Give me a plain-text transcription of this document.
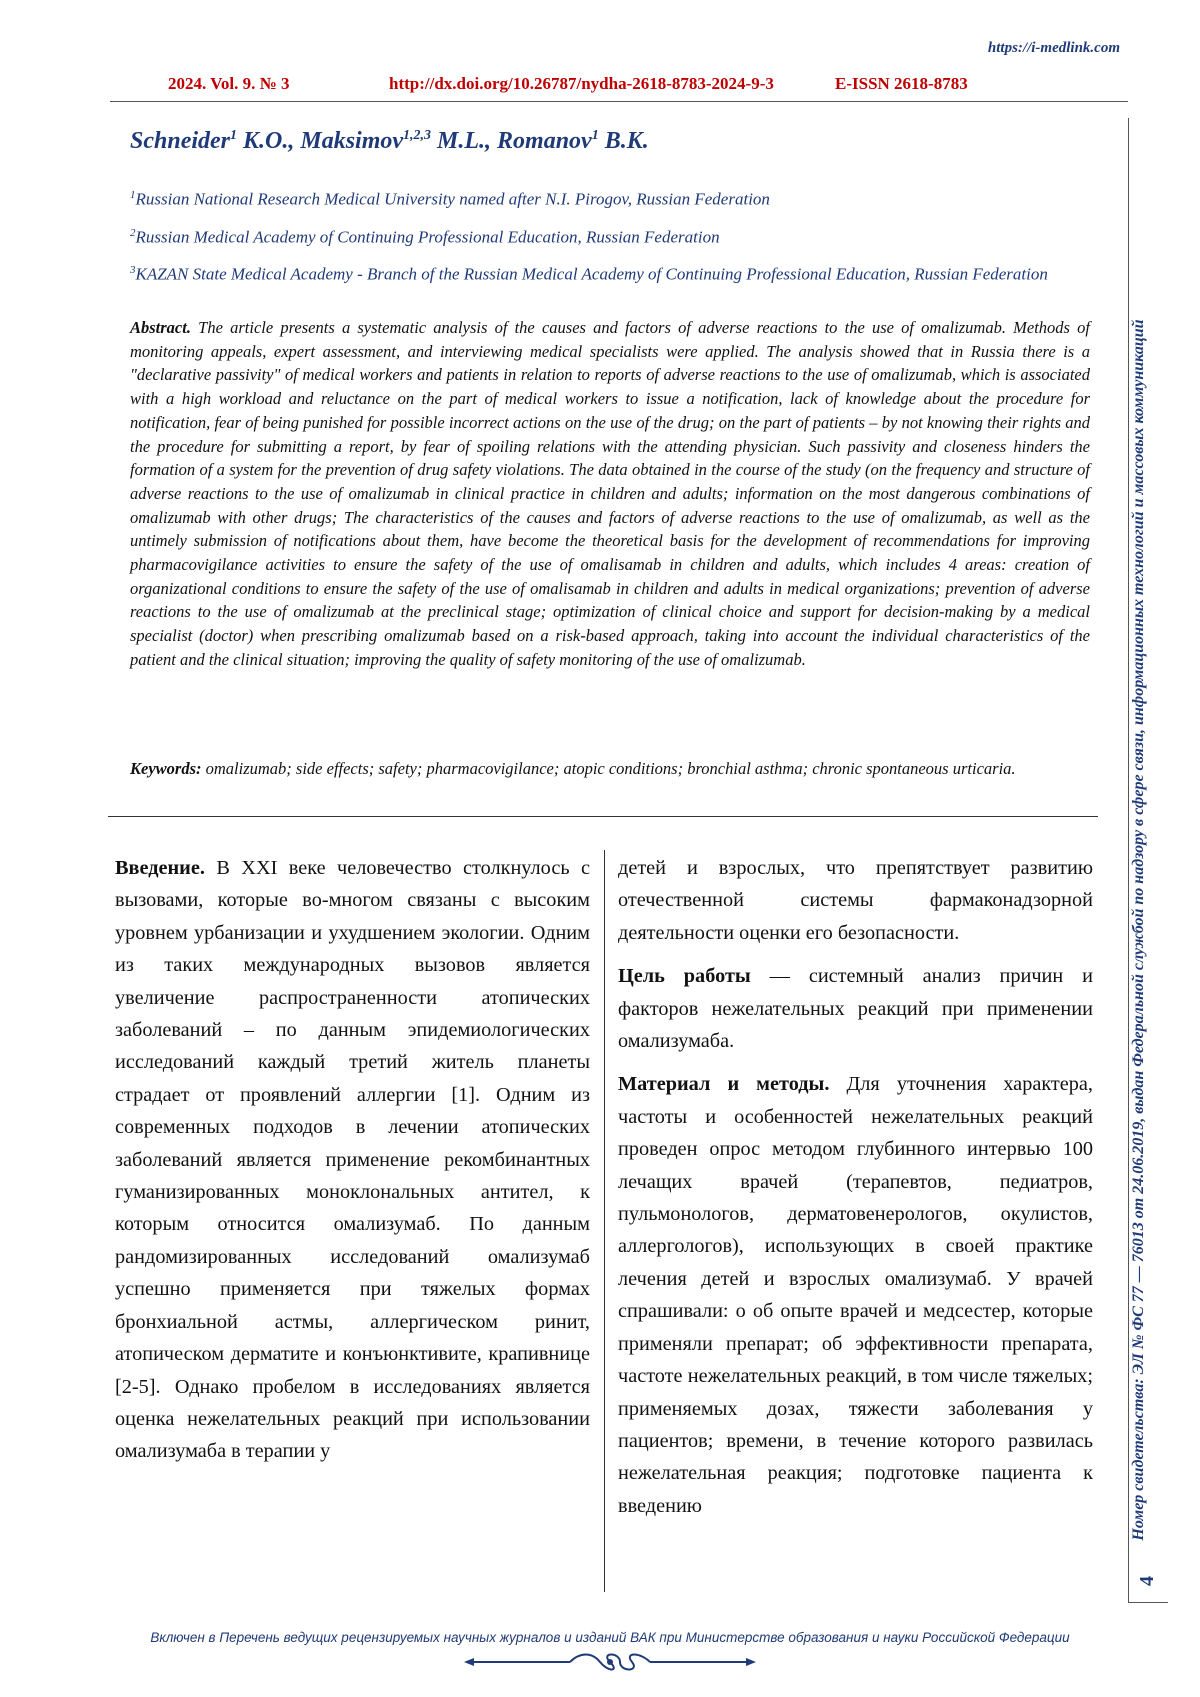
https://i-medlink.com
2024. Vol. 9. № 3	http://dx.doi.org/10.26787/nydha-2618-8783-2024-9-3	E-ISSN 2618-8783
Schneider$^1$ K.O., Maksimov$^{1,2,3}$ M.L., Romanov$^1$ B.K.

$^1$Russian National Research Medical University named after N.I. Pirogov, Russian Federation

$^2$Russian Medical Academy of Continuing Professional Education, Russian Federation

$^3$KAZAN State Medical Academy - Branch of the Russian Medical Academy of Continuing Professional Education, Russian Federation

Abstract. The article presents a systematic analysis of the causes and factors of adverse reactions to the use of omalizumab. Methods of monitoring appeals, expert assessment, and interviewing medical specialists were applied. The analysis showed that in Russia there is a "declarative passivity" of medical workers and patients in relation to reports of adverse reactions to the use of omalizumab, which is associated with a high workload and reluctance on the part of medical workers to issue a notification, lack of knowledge about the procedure for notification, fear of being punished for possible incorrect actions on the use of the drug; on the part of patients – by not knowing their rights and the procedure for submitting a report, by fear of spoiling relations with the attending physician. Such passivity and closeness hinders the formation of a system for the prevention of drug safety violations. The data obtained in the course of the study (on the frequency and structure of adverse reactions to the use of omalizumab in clinical practice in children and adults; information on the most dangerous combinations of omalizumab with other drugs; The characteristics of the causes and factors of adverse reactions to the use of omalizumab, as well as the untimely submission of notifications about them, have become the theoretical basis for the development of recommendations for improving pharmacovigilance activities to ensure the safety of the use of omalisamab in children and adults, which includes 4 areas: creation of organizational conditions to ensure the safety of the use of omalisamab in children and adults in medical organizations; prevention of adverse reactions to the use of omalizumab at the preclinical stage; optimization of clinical choice and support for decision-making by a medical specialist (doctor) when prescribing omalizumab based on a risk-based approach, taking into account the individual characteristics of the patient and the clinical situation; improving the quality of safety monitoring of the use of omalizumab.
Keywords: omalizumab; side effects; safety; pharmacovigilance; atopic conditions; bronchial asthma; chronic spontaneous urticaria.

Введение. В XXI веке человечество столкнулось с вызовами, которые во-многом связаны с высоким уровнем урбанизации и ухудшением экологии. Одним из таких международных вызовов является увеличение распространенности атопических заболеваний – по данным эпидемиологических исследований каждый третий житель планеты страдает от проявлений аллергии [1]. Одним из современных подходов в лечении атопических заболеваний является применение рекомбинантных гуманизированных моноклональных антител, к которым относится омализумаб. По данным рандомизированных исследований омализумаб успешно применяется при тяжелых формах бронхиальной астмы, аллергическом ринит, атопическом дерматите и конъюнктивите, крапивнице [2-5]. Однако пробелом в исследованиях является оценка нежелательных реакций при использовании омализумаба в терапии у

детей и взрослых, что препятствует развитию отечественной системы фармаконадзорной деятельности оценки его безопасности.

Цель работы — системный анализ причин и факторов нежелательных реакций при применении омализумаба.

Материал и методы. Для уточнения характера, частоты и особенностей нежелательных реакций проведен опрос методом глубинного интервью 100 лечащих врачей (терапевтов, педиатров, пульмонологов, дерматовенерологов, окулистов, аллергологов), использующих в своей практике лечения детей и взрослых омализумаб. У врачей спрашивали: о об опыте врачей и медсестер, которые применяли препарат; об эффективности препарата, частоте нежелательных реакций, в том числе тяжелых; применяемых дозах, тяжести заболевания у пациентов; времени, в течение которого развилась нежелательная реакция; подготовке пациента к введению	Номер свидетельства: ЭЛ № ФС 77 — 76013 от 24.06.2019, выдан Федеральной службой по надзору в сфере связи, информационных технологий и массовых коммуникаций
4
Включен в Перечень ведущих рецензируемых научных журналов и изданий ВАК при Министерстве образования и науки Российской Федерации
